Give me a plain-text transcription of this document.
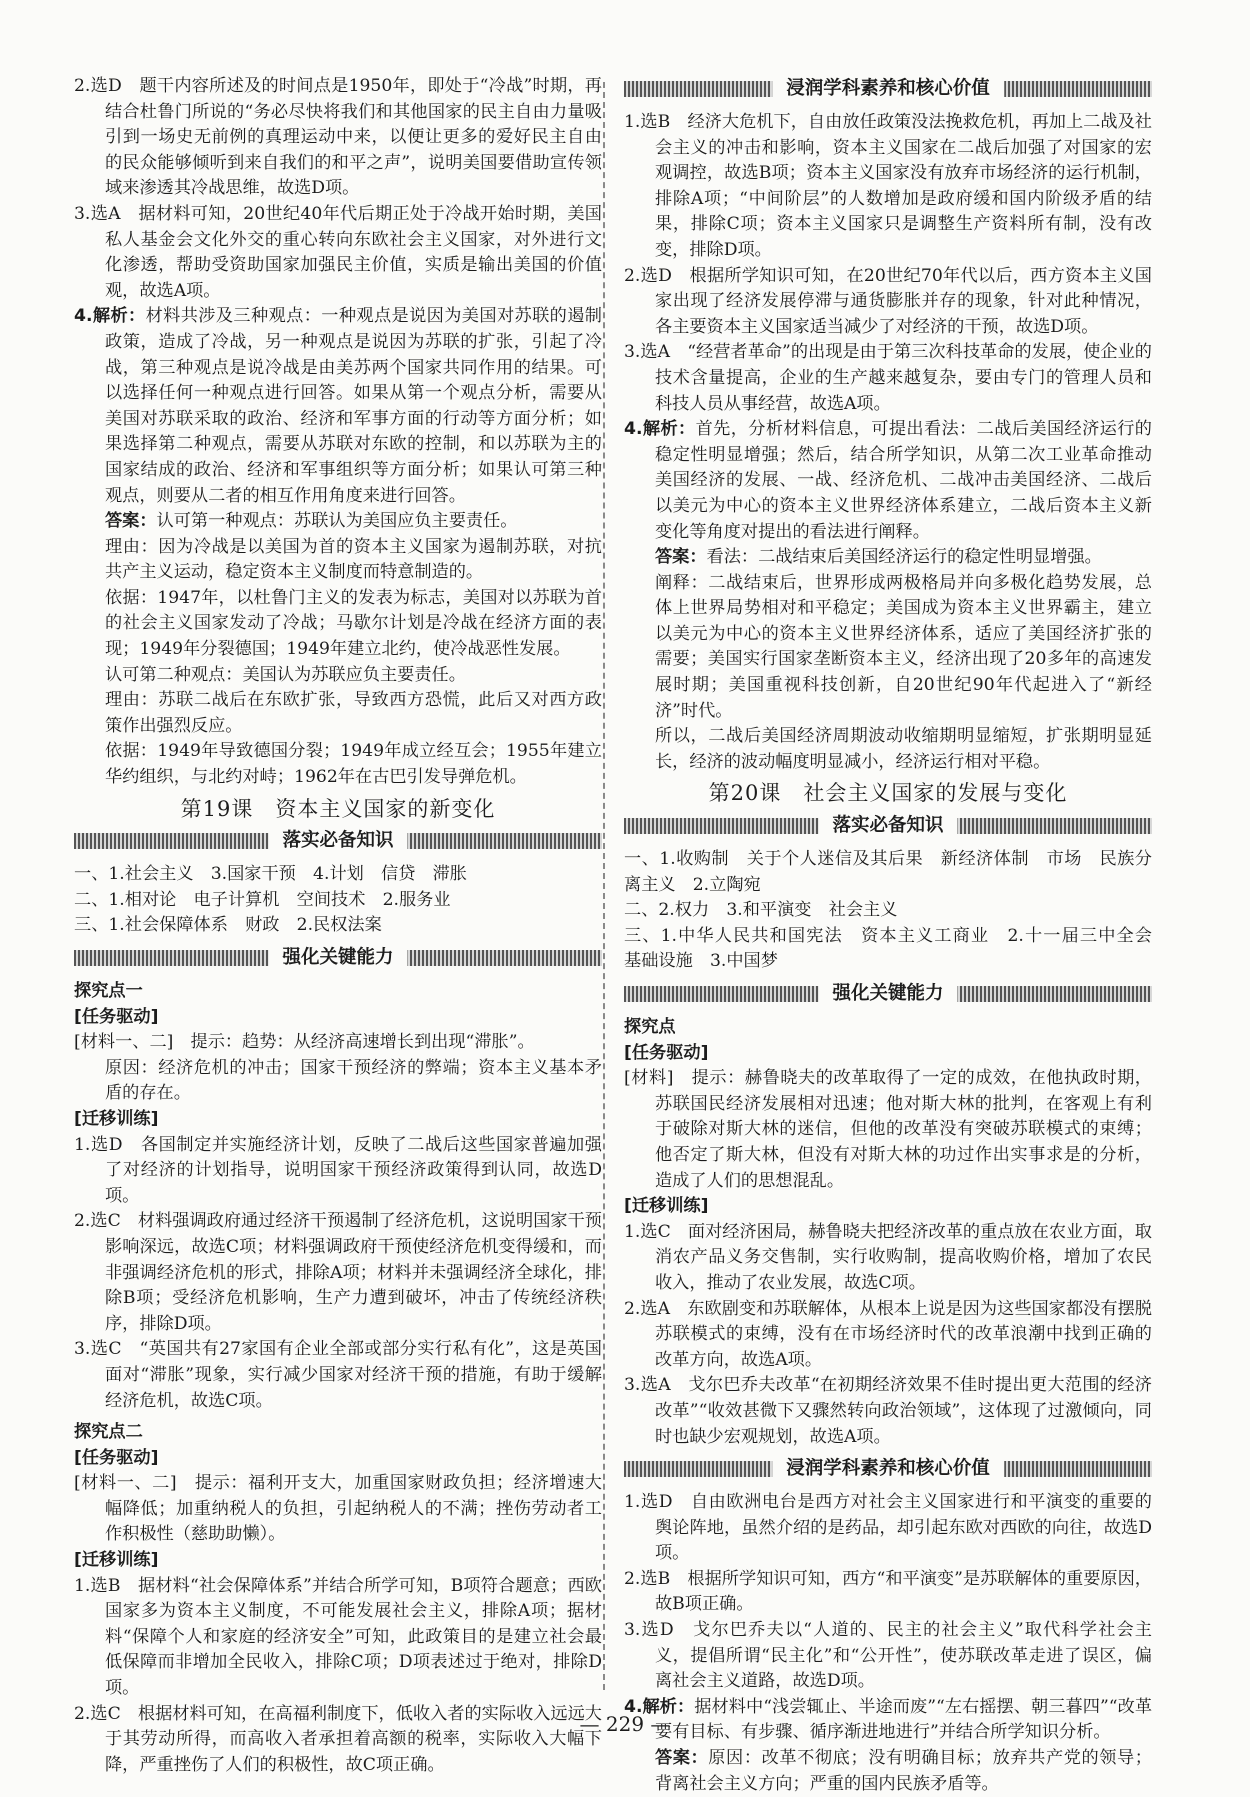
2.选D　题干内容所述及的时间点是1950年，即处于“冷战”时期，再结合杜鲁门所说的“务必尽快将我们和其他国家的民主自由力量吸引到一场史无前例的真理运动中来，以便让更多的爱好民主自由的民众能够倾听到来自我们的和平之声”，说明美国要借助宣传领域来渗透其冷战思维，故选D项。

3.选A　据材料可知，20世纪40年代后期正处于冷战开始时期，美国私人基金会文化外交的重心转向东欧社会主义国家，对外进行文化渗透，帮助受资助国家加强民主价值，实质是输出美国的价值观，故选A项。

4.解析：材料共涉及三种观点：一种观点是说因为美国对苏联的遏制政策，造成了冷战，另一种观点是说因为苏联的扩张，引起了冷战，第三种观点是说冷战是由美苏两个国家共同作用的结果。可以选择任何一种观点进行回答。如果从第一个观点分析，需要从美国对苏联采取的政治、经济和军事方面的行动等方面分析；如果选择第二种观点，需要从苏联对东欧的控制，和以苏联为主的国家结成的政治、经济和军事组织等方面分析；如果认可第三种观点，则要从二者的相互作用角度来进行回答。

答案：认可第一种观点：苏联认为美国应负主要责任。

理由：因为冷战是以美国为首的资本主义国家为遏制苏联，对抗共产主义运动，稳定资本主义制度而特意制造的。

依据：1947年，以杜鲁门主义的发表为标志，美国对以苏联为首的社会主义国家发动了冷战；马歇尔计划是冷战在经济方面的表现；1949年分裂德国；1949年建立北约，使冷战恶性发展。

认可第二种观点：美国认为苏联应负主要责任。

理由：苏联二战后在东欧扩张，导致西方恐慌，此后又对西方政策作出强烈反应。

依据：1949年导致德国分裂；1949年成立经互会；1955年建立华约组织，与北约对峙；1962年在古巴引发导弹危机。

第19课　资本主义国家的新变化
落实必备知识

一、1.社会主义　3.国家干预　4.计划　信贷　滞胀

二、1.相对论　电子计算机　空间技术　2.服务业

三、1.社会保障体系　财政　2.民权法案

强化关键能力

探究点一

[任务驱动]

[材料一、二]　提示：趋势：从经济高速增长到出现“滞胀”。

原因：经济危机的冲击；国家干预经济的弊端；资本主义基本矛盾的存在。

[迁移训练]

1.选D　各国制定并实施经济计划，反映了二战后这些国家普遍加强了对经济的计划指导，说明国家干预经济政策得到认同，故选D项。

2.选C　材料强调政府通过经济干预遏制了经济危机，这说明国家干预影响深远，故选C项；材料强调政府干预使经济危机变得缓和，而非强调经济危机的形式，排除A项；材料并未强调经济全球化，排除B项；受经济危机影响，生产力遭到破坏，冲击了传统经济秩序，排除D项。

3.选C　“英国共有27家国有企业全部或部分实行私有化”，这是英国面对“滞胀”现象，实行减少国家对经济干预的措施，有助于缓解经济危机，故选C项。

探究点二

[任务驱动]

[材料一、二]　提示：福利开支大，加重国家财政负担；经济增速大幅降低；加重纳税人的负担，引起纳税人的不满；挫伤劳动者工作积极性（慈助助懒）。

[迁移训练]

1.选B　据材料“社会保障体系”并结合所学可知，B项符合题意；西欧国家多为资本主义制度，不可能发展社会主义，排除A项；据材料“保障个人和家庭的经济安全”可知，此政策目的是建立社会最低保障而非增加全民收入，排除C项；D项表述过于绝对，排除D项。

2.选C　根据材料可知，在高福利制度下，低收入者的实际收入远远大于其劳动所得，而高收入者承担着高额的税率，实际收入大幅下降，严重挫伤了人们的积极性，故C项正确。

浸润学科素养和核心价值

1.选B　经济大危机下，自由放任政策没法挽救危机，再加上二战及社会主义的冲击和影响，资本主义国家在二战后加强了对国家的宏观调控，故选B项；资本主义国家没有放弃市场经济的运行机制，排除A项；“中间阶层”的人数增加是政府缓和国内阶级矛盾的结果，排除C项；资本主义国家只是调整生产资料所有制，没有改变，排除D项。

2.选D　根据所学知识可知，在20世纪70年代以后，西方资本主义国家出现了经济发展停滞与通货膨胀并存的现象，针对此种情况，各主要资本主义国家适当减少了对经济的干预，故选D项。

3.选A　“经营者革命”的出现是由于第三次科技革命的发展，使企业的技术含量提高，企业的生产越来越复杂，要由专门的管理人员和科技人员从事经营，故选A项。

4.解析：首先，分析材料信息，可提出看法：二战后美国经济运行的稳定性明显增强；然后，结合所学知识，从第二次工业革命推动美国经济的发展、一战、经济危机、二战冲击美国经济、二战后以美元为中心的资本主义世界经济体系建立，二战后资本主义新变化等角度对提出的看法进行阐释。

答案：看法：二战结束后美国经济运行的稳定性明显增强。

阐释：二战结束后，世界形成两极格局并向多极化趋势发展，总体上世界局势相对和平稳定；美国成为资本主义世界霸主，建立以美元为中心的资本主义世界经济体系，适应了美国经济扩张的需要；美国实行国家垄断资本主义，经济出现了20多年的高速发展时期；美国重视科技创新，自20世纪90年代起进入了“新经济”时代。

所以，二战后美国经济周期波动收缩期明显缩短，扩张期明显延长，经济的波动幅度明显减小，经济运行相对平稳。

第20课　社会主义国家的发展与变化
落实必备知识

一、1.收购制　关于个人迷信及其后果　新经济体制　市场　民族分离主义　2.立陶宛

二、2.权力　3.和平演变　社会主义

三、1.中华人民共和国宪法　资本主义工商业　2.十一届三中全会　基础设施　3.中国梦

强化关键能力

探究点

[任务驱动]

[材料]　提示：赫鲁晓夫的改革取得了一定的成效，在他执政时期，苏联国民经济发展相对迅速；他对斯大林的批判，在客观上有利于破除对斯大林的迷信，但他的改革没有突破苏联模式的束缚；他否定了斯大林，但没有对斯大林的功过作出实事求是的分析，造成了人们的思想混乱。

[迁移训练]

1.选C　面对经济困局，赫鲁晓夫把经济改革的重点放在农业方面，取消农产品义务交售制，实行收购制，提高收购价格，增加了农民收入，推动了农业发展，故选C项。

2.选A　东欧剧变和苏联解体，从根本上说是因为这些国家都没有摆脱苏联模式的束缚，没有在市场经济时代的改革浪潮中找到正确的改革方向，故选A项。

3.选A　戈尔巴乔夫改革“在初期经济效果不佳时提出更大范围的经济改革”“收效甚微下又骤然转向政治领域”，这体现了过激倾向，同时也缺少宏观规划，故选A项。

浸润学科素养和核心价值

1.选D　自由欧洲电台是西方对社会主义国家进行和平演变的重要的舆论阵地，虽然介绍的是药品，却引起东欧对西欧的向往，故选D项。

2.选B　根据所学知识可知，西方“和平演变”是苏联解体的重要原因，故B项正确。

3.选D　戈尔巴乔夫以“人道的、民主的社会主义”取代科学社会主义，提倡所谓“民主化”和“公开性”，使苏联改革走进了误区，偏离社会主义道路，故选D项。

4.解析：据材料中“浅尝辄止、半途而废”“左右摇摆、朝三暮四”“改革要有目标、有步骤、循序渐进地进行”并结合所学知识分析。

答案：原因：改革不彻底；没有明确目标；放弃共产党的领导；背离社会主义方向；严重的国内民族矛盾等。

— 229 —
